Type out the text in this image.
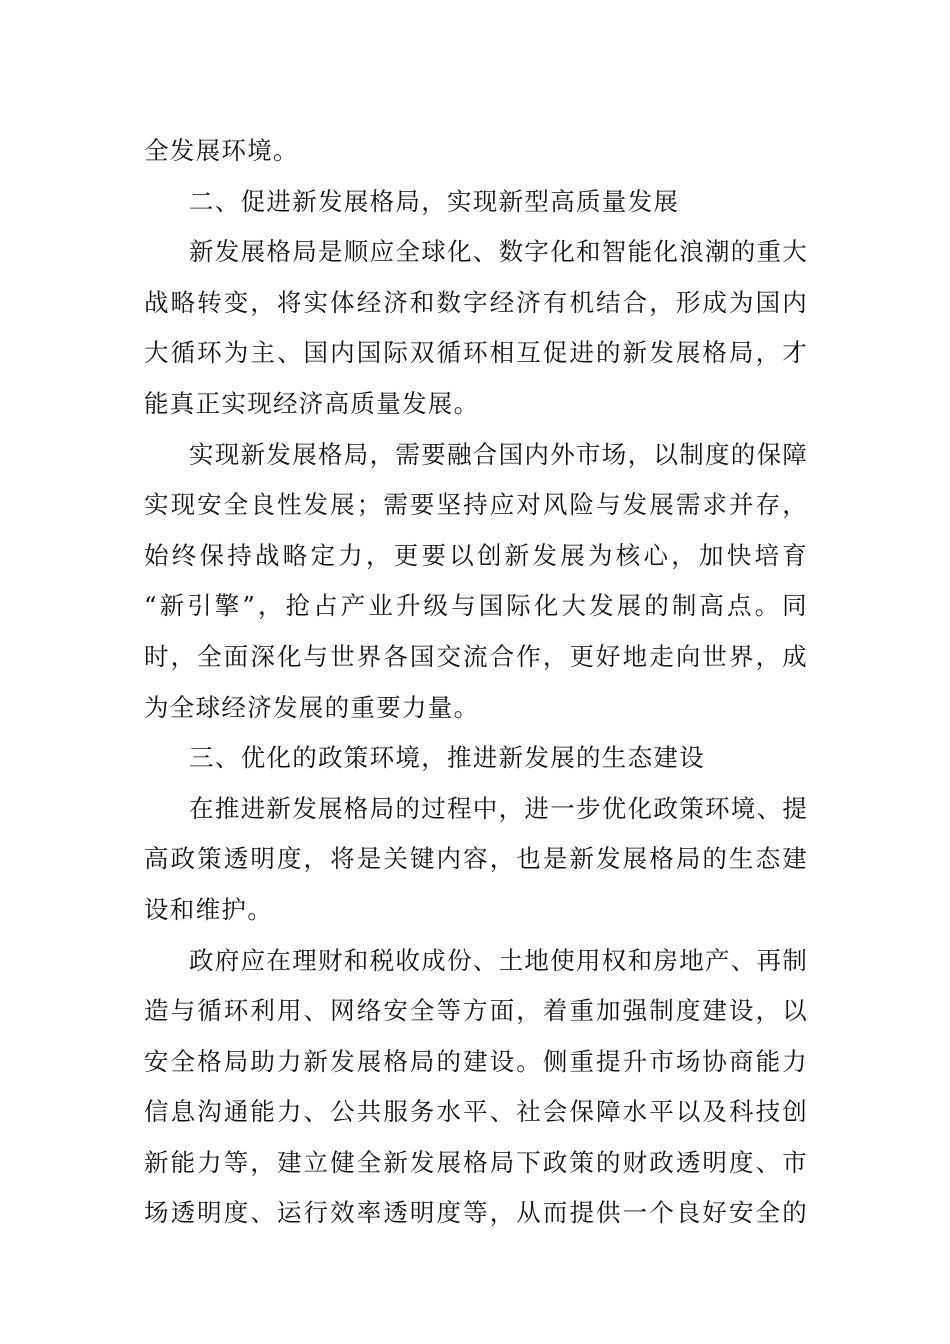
全发展环境。
二、促进新发展格局，实现新型高质量发展
新发展格局是顺应全球化、数字化和智能化浪潮的重大
战略转变，将实体经济和数字经济有机结合，形成为国内
大循环为主、国内国际双循环相互促进的新发展格局，才
能真正实现经济高质量发展。
实现新发展格局，需要融合国内外市场，以制度的保障
实现安全良性发展；需要坚持应对风险与发展需求并存，
始终保持战略定力，更要以创新发展为核心，加快培育
“新引擎”，抢占产业升级与国际化大发展的制高点。同
时，全面深化与世界各国交流合作，更好地走向世界，成
为全球经济发展的重要力量。
三、优化的政策环境，推进新发展的生态建设
在推进新发展格局的过程中，进一步优化政策环境、提
高政策透明度，将是关键内容，也是新发展格局的生态建
设和维护。
政府应在理财和税收成份、土地使用权和房地产、再制
造与循环利用、网络安全等方面，着重加强制度建设，以
安全格局助力新发展格局的建设。侧重提升市场协商能力
信息沟通能力、公共服务水平、社会保障水平以及科技创
新能力等，建立健全新发展格局下政策的财政透明度、市
场透明度、运行效率透明度等，从而提供一个良好安全的
